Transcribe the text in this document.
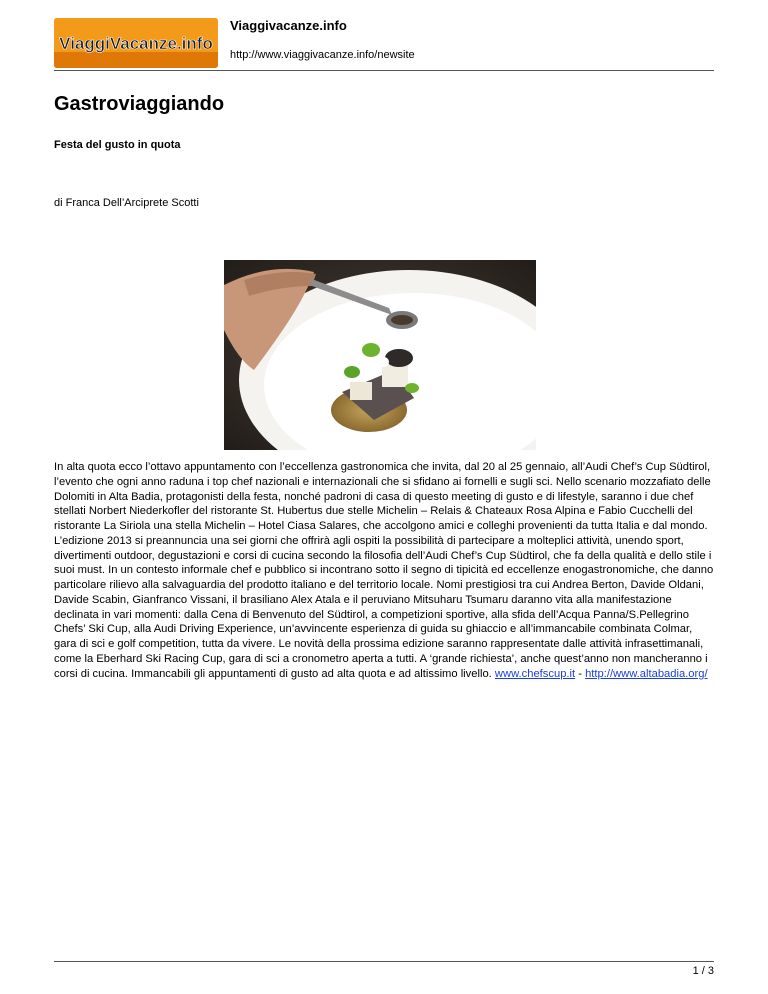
ViaggiVacanze.info
Viaggivacanze.info
http://www.viaggivacanze.info/newsite
Gastroviaggiando
Festa del gusto in quota
di Franca Dell’Arciprete Scotti

In alta quota ecco l’ottavo appuntamento con l’eccellenza gastronomica che invita, dal 20 al 25 gennaio, all’Audi Chef’s Cup Südtirol, l’evento che ogni anno raduna i top chef nazionali e internazionali che si sfidano ai fornelli e sugli sci. Nello scenario mozzafiato delle Dolomiti in Alta Badia, protagonisti della festa, nonché padroni di casa di questo meeting di gusto e di lifestyle, saranno i due chef stellati Norbert Niederkofler del ristorante St. Hubertus due stelle Michelin – Relais & Chateaux Rosa Alpina e Fabio Cucchelli del ristorante La Siriola una stella Michelin – Hotel Ciasa Salares, che accolgono amici e colleghi provenienti da tutta Italia e dal mondo. L’edizione 2013 si preannuncia una sei giorni che offrirà agli ospiti la possibilità di partecipare a molteplici attività, unendo sport, divertimenti outdoor, degustazioni e corsi di cucina secondo la filosofia dell’Audi Chef’s Cup Südtirol, che fa della qualità e dello stile i suoi must. In un contesto informale chef e pubblico si incontrano sotto il segno di tipicità ed eccellenze enogastronomiche, che danno particolare rilievo alla salvaguardia del prodotto italiano e del territorio locale. Nomi prestigiosi tra cui Andrea Berton, Davide Oldani, Davide Scabin, Gianfranco Vissani, il brasiliano Alex Atala e il peruviano Mitsuharu Tsumaru daranno vita alla manifestazione declinata in vari momenti: dalla Cena di Benvenuto del Südtirol, a competizioni sportive, alla sfida dell’Acqua Panna/S.Pellegrino Chefs’ Ski Cup, alla Audi Driving Experience, un’avvincente esperienza di guida su ghiaccio e all’immancabile combinata Colmar, gara di sci e golf competition, tutta da vivere. Le novità della prossima edizione saranno rappresentate dalle attività infrasettimanali, come la Eberhard Ski Racing Cup, gara di sci a cronometro aperta a tutti. A ‘grande richiesta’, anche quest’anno non mancheranno i corsi di cucina. Immancabili gli appuntamenti di gusto ad alta quota e ad altissimo livello. www.chefscup.it - http://www.altabadia.org/

1 / 3
